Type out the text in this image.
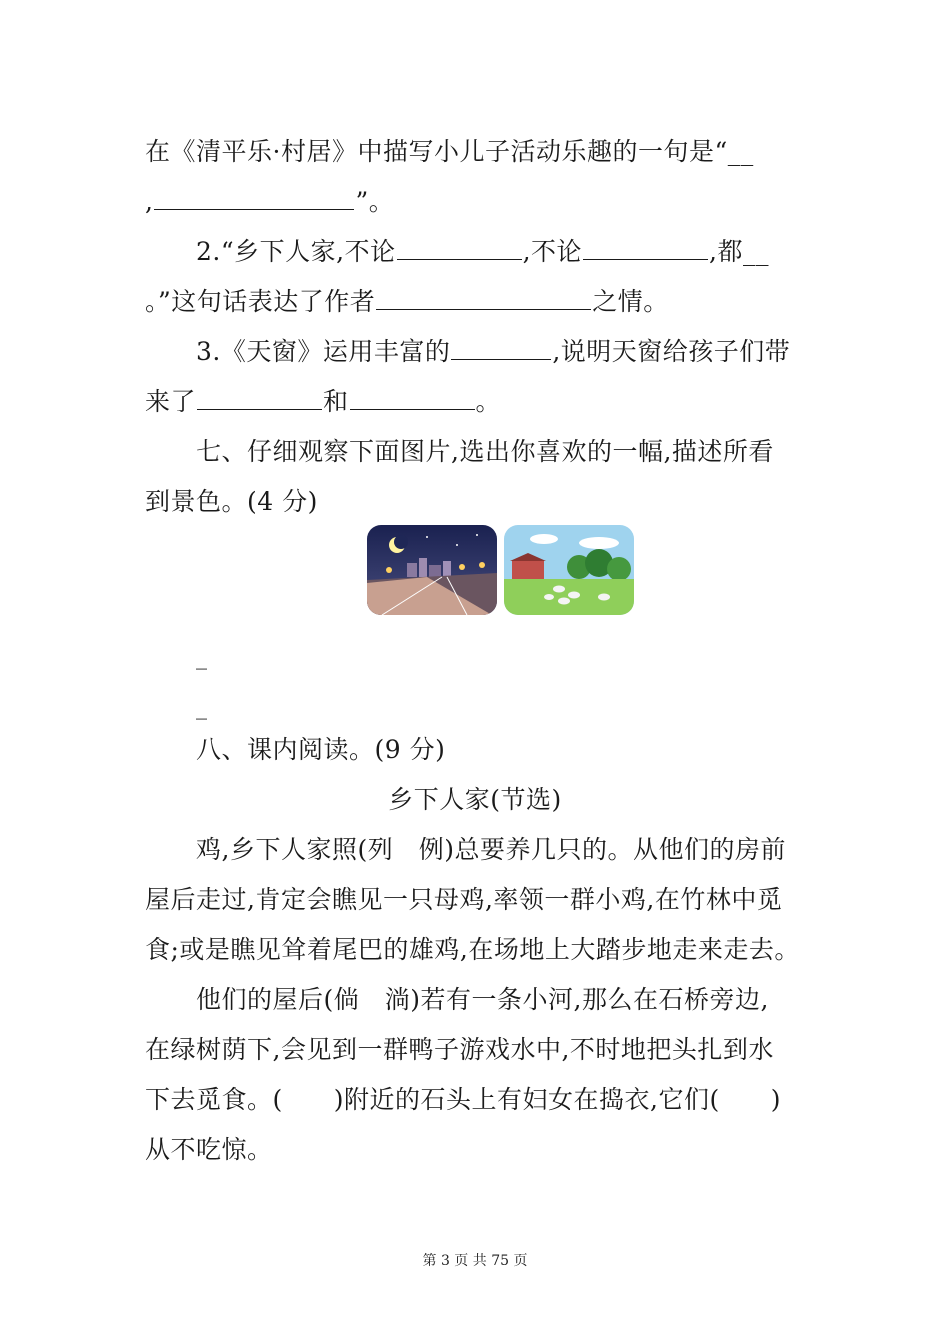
在《清平乐·村居》中描写小儿子活动乐趣的一句是“__
,	”。
2.“乡下人家,不论	,不论	,都__
。”这句话表达了作者	之情。
3.《天窗》运用丰富的	,说明天窗给孩子们带
来了	和	。
七、仔细观察下面图片,选出你喜欢的一幅,描述所看
到景色。(4 分)
_
_
八、课内阅读。(9 分)
乡下人家(节选)
鸡,乡下人家照(列　例)总要养几只的。从他们的房前
屋后走过,肯定会瞧见一只母鸡,率领一群小鸡,在竹林中觅
食;或是瞧见耸着尾巴的雄鸡,在场地上大踏步地走来走去。
他们的屋后(倘　淌)若有一条小河,那么在石桥旁边,
在绿树荫下,会见到一群鸭子游戏水中,不时地把头扎到水
下去觅食。(　　)附近的石头上有妇女在捣衣,它们(　　)
从不吃惊。
第 3 页 共 75 页
